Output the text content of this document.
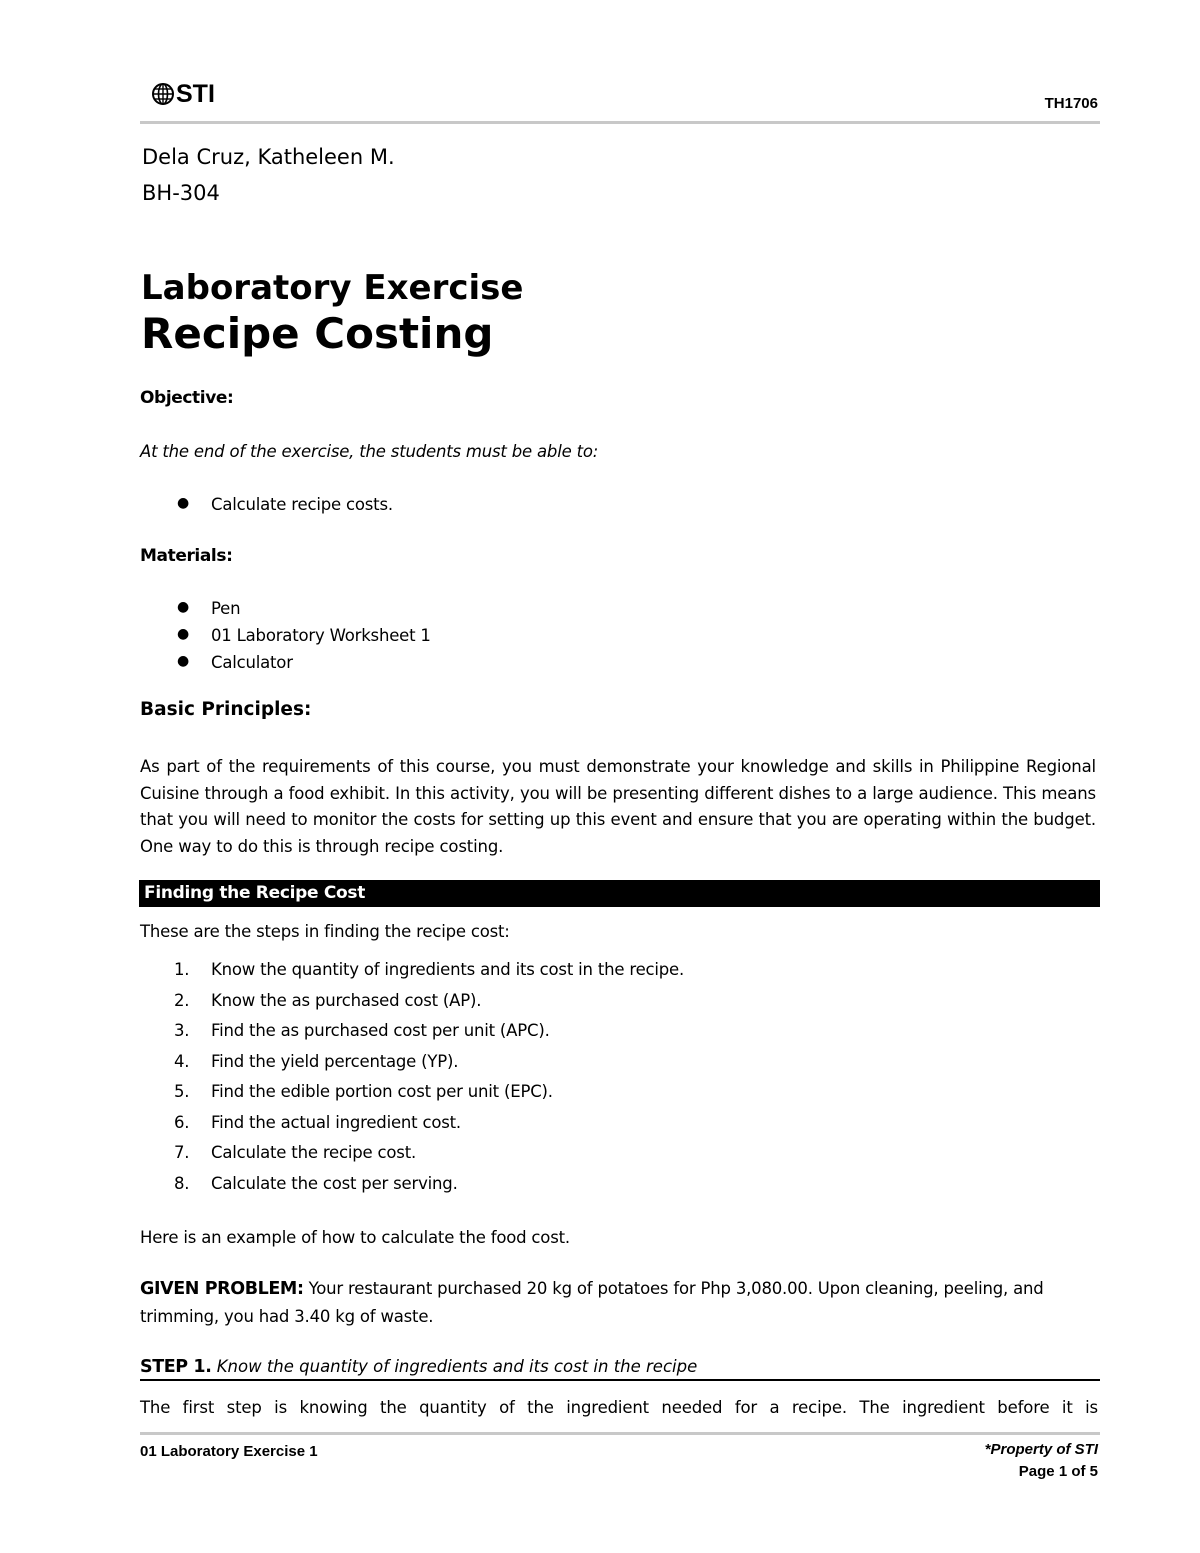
STI	TH1706
Dela Cruz, Katheleen M.
BH-304
Laboratory Exercise
Recipe Costing
Objective:
At the end of the exercise, the students must be able to:
● Calculate recipe costs.
Materials:
● Pen
● 01 Laboratory Worksheet 1
● Calculator
Basic Principles:
As part of the requirements of this course, you must demonstrate your knowledge and skills in Philippine Regional Cuisine through a food exhibit. In this activity, you will be presenting different dishes to a large audience. This means that you will need to monitor the costs for setting up this event and ensure that you are operating within the budget. One way to do this is through recipe costing.
Finding the Recipe Cost
These are the steps in finding the recipe cost:
1.	Know the quantity of ingredients and its cost in the recipe.
2.	Know the as purchased cost (AP).
3.	Find the as purchased cost per unit (APC).
4.	Find the yield percentage (YP).
5.	Find the edible portion cost per unit (EPC).
6.	Find the actual ingredient cost.
7.	Calculate the recipe cost.
8.	Calculate the cost per serving.
Here is an example of how to calculate the food cost.
GIVEN PROBLEM: Your restaurant purchased 20 kg of potatoes for Php 3,080.00. Upon cleaning, peeling, and trimming, you had 3.40 kg of waste.
STEP 1. Know the quantity of ingredients and its cost in the recipe
The first step is knowing the quantity of the ingredient needed for a recipe. The ingredient before it is
01 Laboratory Exercise 1	*Property of STI
Page 1 of 5
